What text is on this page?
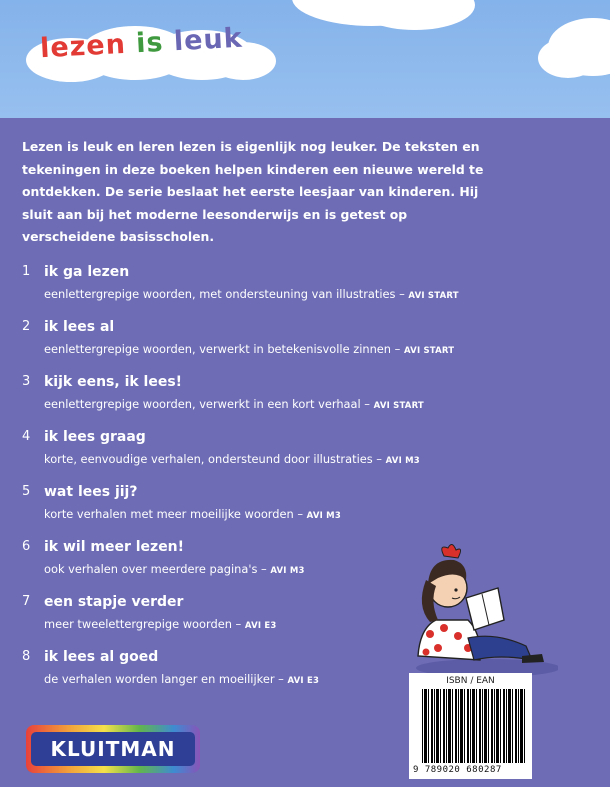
lezen is leuk

Lezen is leuk en leren lezen is eigenlijk nog leuker. De teksten en tekeningen in deze boeken helpen kinderen een nieuwe wereld te ontdekken. De serie beslaat het eerste leesjaar van kinderen. Hij sluit aan bij het moderne leesonderwijs en is getest op verscheidene basisscholen.

1 ik ga lezen
eenlettergrepige woorden, met ondersteuning van illustraties – AVI START
2 ik lees al
eenlettergrepige woorden, verwerkt in betekenisvolle zinnen – AVI START
3 kijk eens, ik lees!
eenlettergrepige woorden, verwerkt in een kort verhaal – AVI START
4 ik lees graag
korte, eenvoudige verhalen, ondersteund door illustraties – AVI M3
5 wat lees jij?
korte verhalen met meer moeilijke woorden – AVI M3
6 ik wil meer lezen!
ook verhalen over meerdere pagina's – AVI M3
7 een stapje verder
meer tweelettergrepige woorden – AVI E3
8 ik lees al goed
de verhalen worden langer en moeilijker – AVI E3	ISBN / EAN
9 789020 680287
KLUITMAN
